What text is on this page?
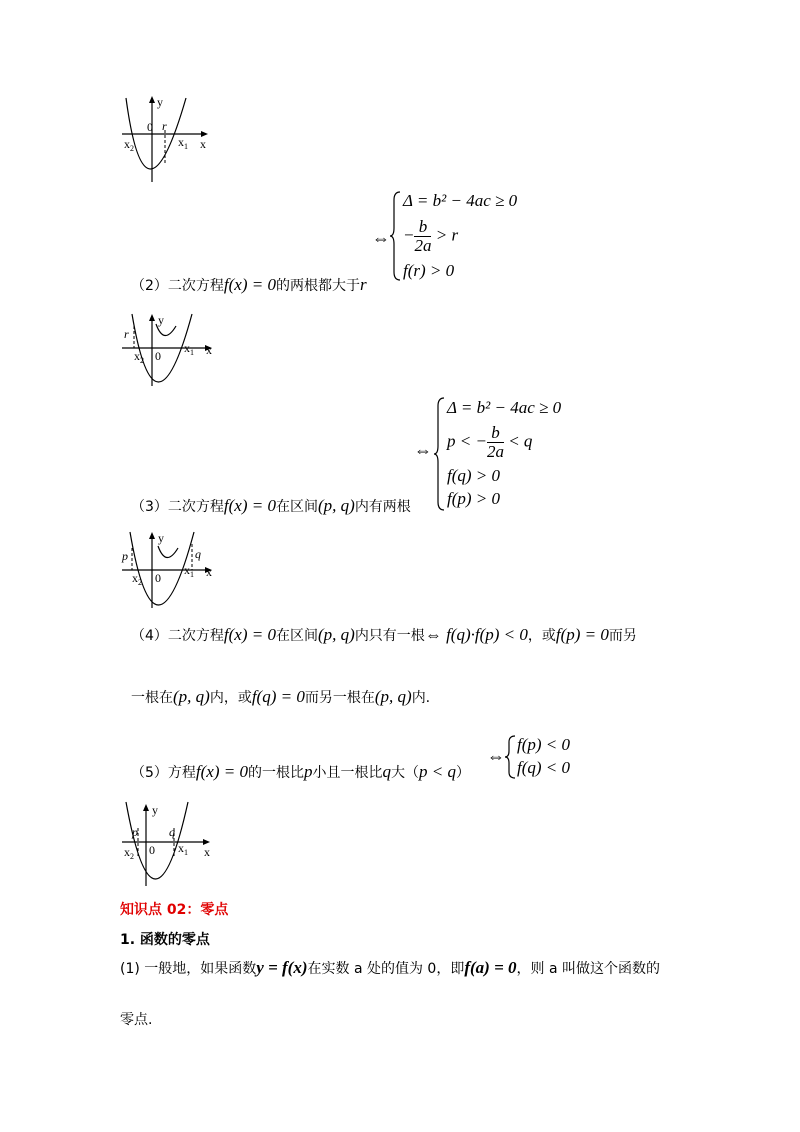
y
0 r
x
$x_2$	$x_1$
⇔
Δ = b² − 4ac ≥ 0
− $\frac{b}{2a} > r$
f(r) > 0
（2）二次方程f(x) = 0的两根都大于r
y
r
0	x
$x_2$
$x_1$
⇔
Δ = b² − 4ac ≥ 0
p < − $\frac{b}{2a} < q$
f(q) > 0
f(p) > 0
（3）二次方程f(x) = 0在区间(p, q)内有两根
y
p	q
0	x
$x_2$
$x_1$
（4）二次方程f(x) = 0在区间(p, q)内只有一根⇔ f(q)·f(p) < 0，或f(p) = 0而另
一根在(p, q)内，或f(q) = 0而另一根在(p, q)内.
（5）方程f(x) = 0的一根比p小且一根比q大（p < q）
⇔
f(p) < 0
f(q) < 0
y
p	q
0	x
$x_2$
$x_1$
知识点 02：零点
1. 函数的零点
(1) 一般地，如果函数y = f(x)在实数 a 处的值为 0，即f(a) = 0，则 a 叫做这个函数的
零点.
